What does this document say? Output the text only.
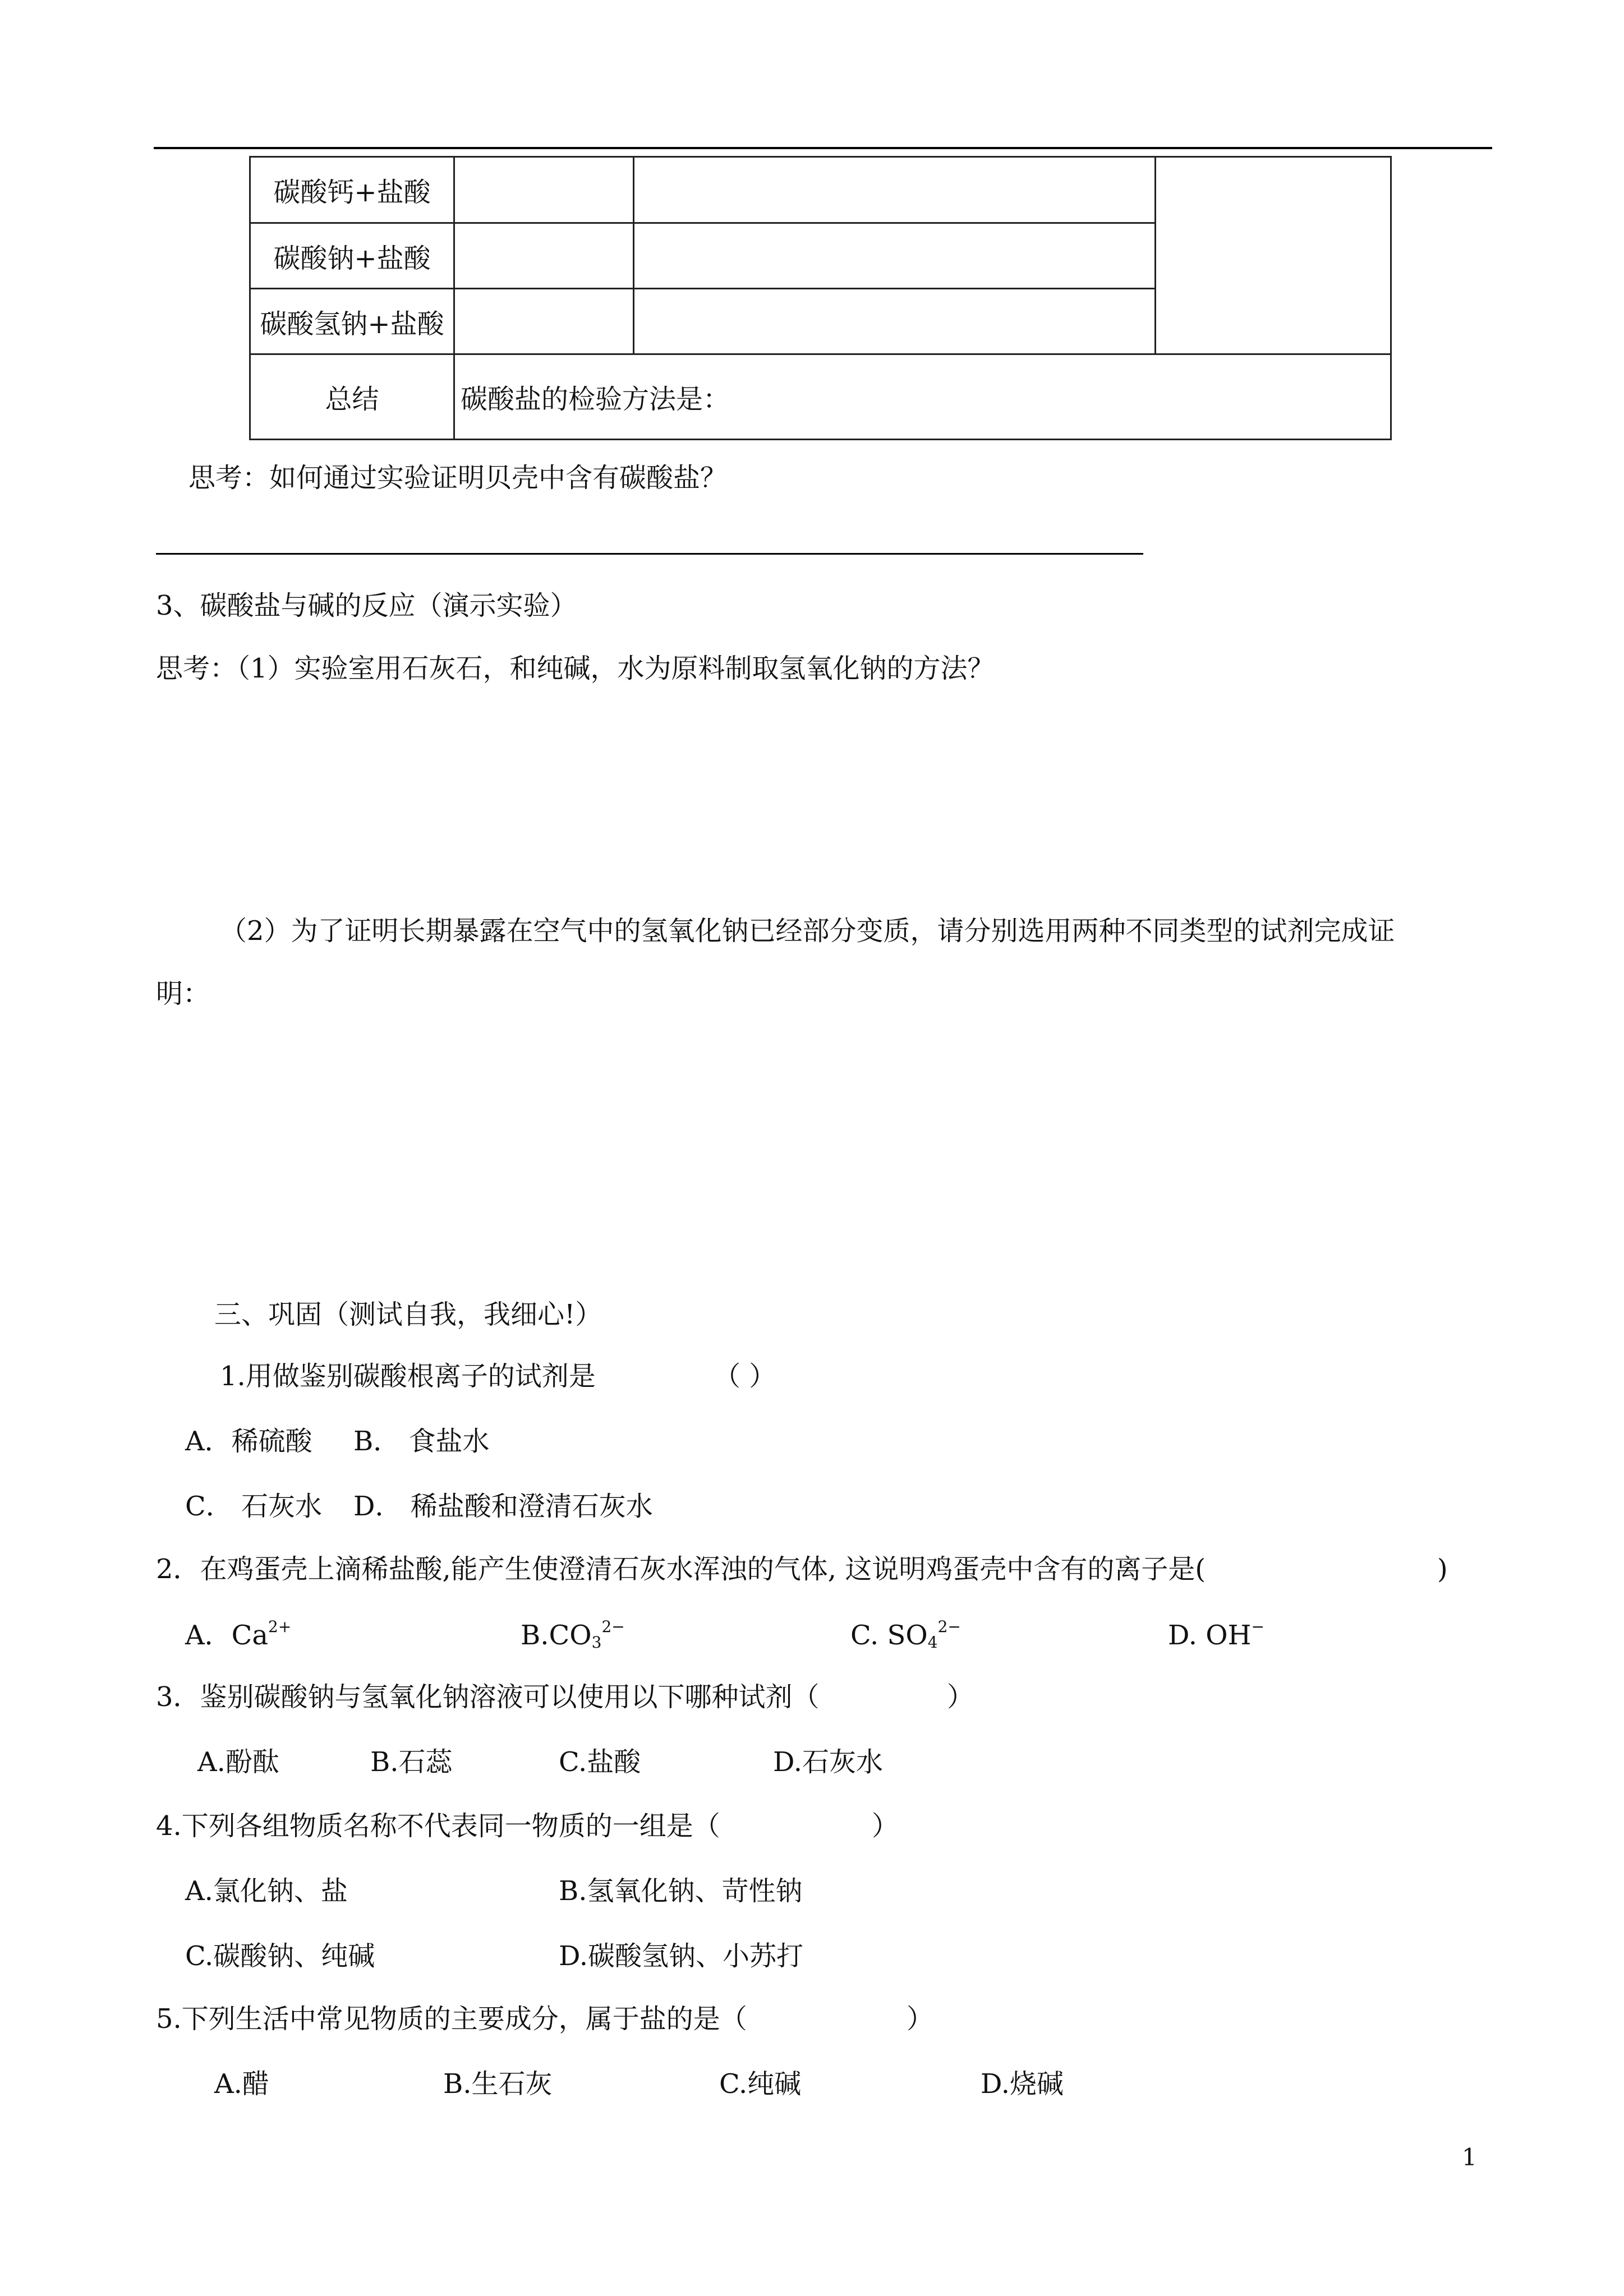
碳酸钙+盐酸			
碳酸钠+盐酸			
碳酸氢钠+盐酸			
总结	碳酸盐的检验方法是：		
思考：如何通过实验证明贝壳中含有碳酸盐？
3、碳酸盐与碱的反应（演示实验）
思考：（1）实验室用石灰石，和纯碱，水为原料制取氢氧化钠的方法？
（2）为了证明长期暴露在空气中的氢氧化钠已经部分变质，请分别选用两种不同类型的试剂完成证
明：
三、巩固（测试自我，我细心!）
1.用做鉴别碳酸根离子的试剂是	（ ）
A．稀硫酸 B． 食盐水
C． 石灰水 D． 稀盐酸和澄清石灰水
2．在鸡蛋壳上滴稀盐酸,能产生使澄清石灰水浑浊的气体, 这说明鸡蛋壳中含有的离子是(	)
A．$Ca^{2+}$	$B.CO_3^{2-}$	C. $SO_4^{2-}$	D. OH−
3．鉴别碳酸钠与氢氧化钠溶液可以使用以下哪种试剂（	）
A.酚酞	B.石蕊	C.盐酸	D.石灰水
4.下列各组物质名称不代表同一物质的一组是（	）
A.氯化钠、盐	B.氢氧化钠、苛性钠
C.碳酸钠、纯碱	D.碳酸氢钠、小苏打
5.下列生活中常见物质的主要成分，属于盐的是（	）
A.醋	B.生石灰	C.纯碱	D.烧碱
1
